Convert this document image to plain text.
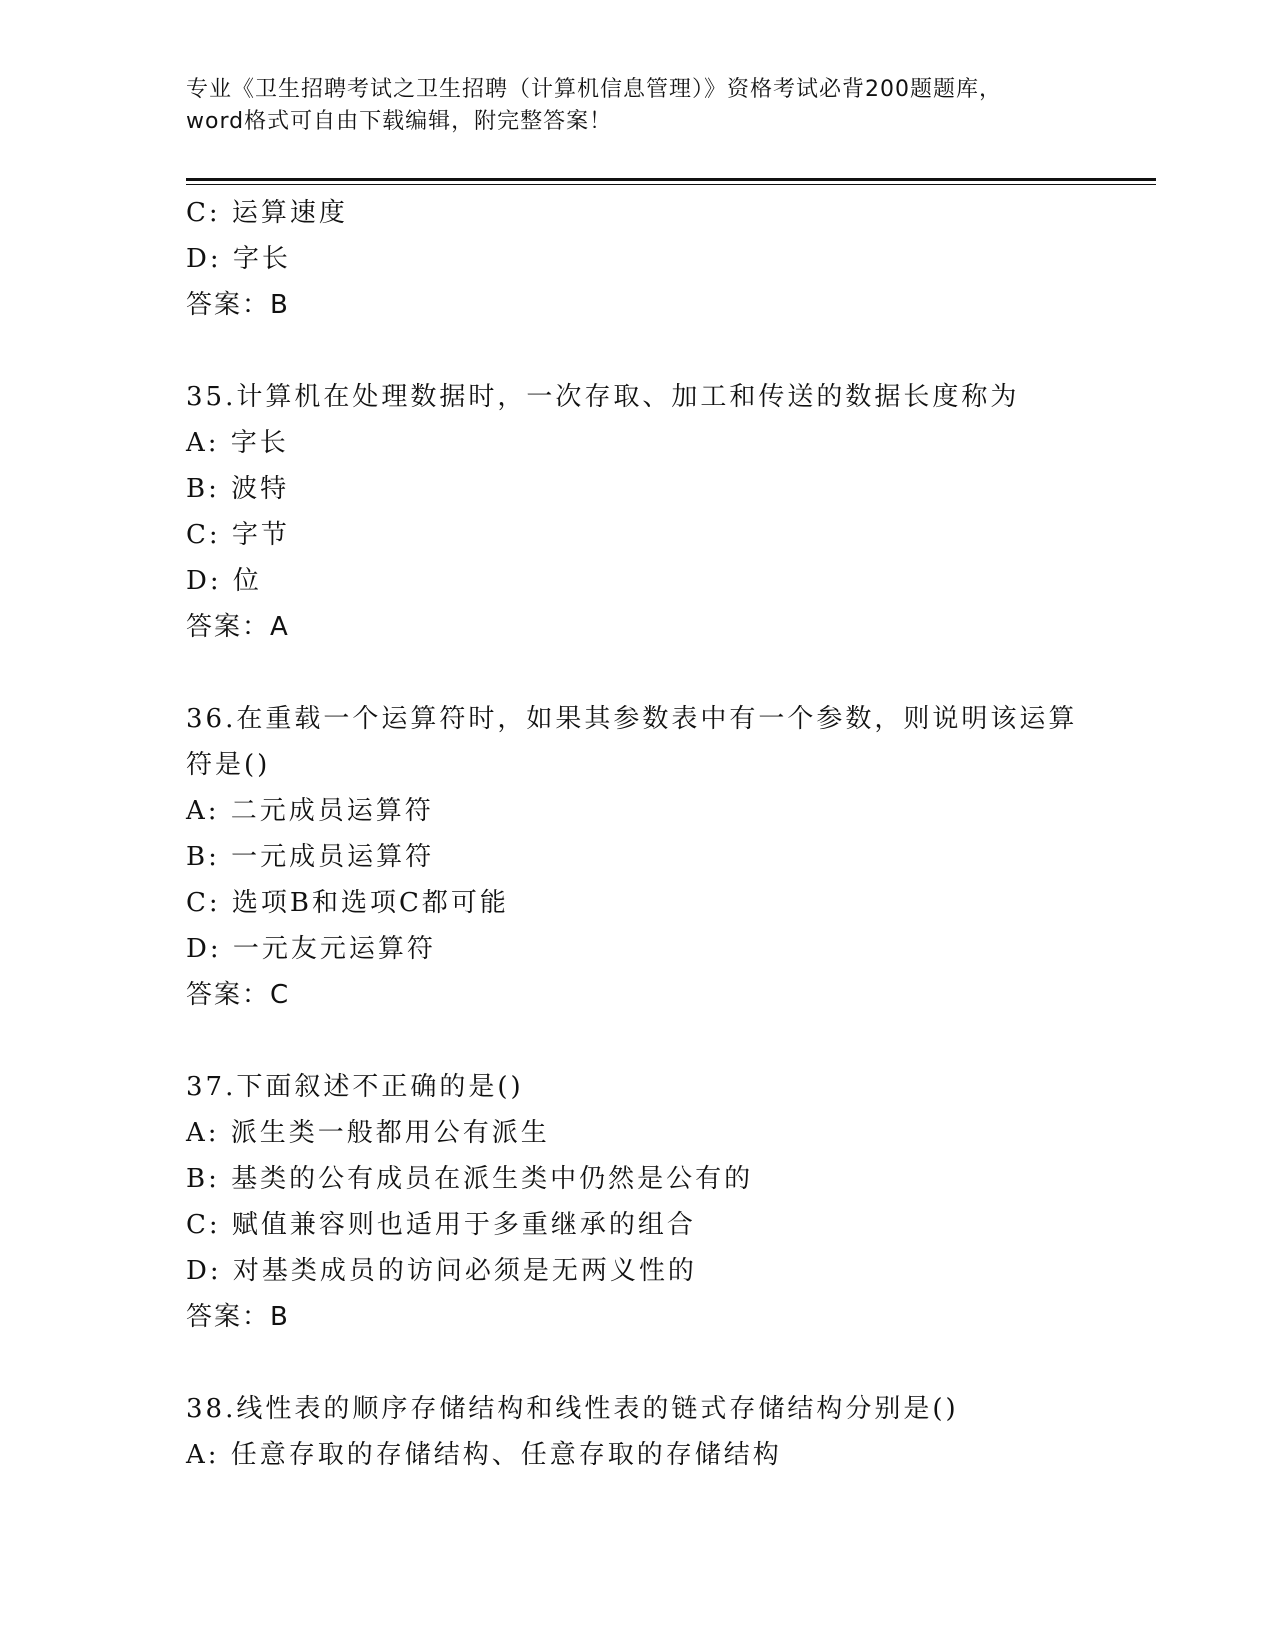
专业《卫生招聘考试之卫生招聘（计算机信息管理）》资格考试必背200题题库，
word格式可自由下载编辑，附完整答案！
C: 运算速度
D: 字长
答案：B
35.计算机在处理数据时，一次存取、加工和传送的数据长度称为
A: 字长
B: 波特
C: 字节
D: 位
答案：A
36.在重载一个运算符时，如果其参数表中有一个参数，则说明该运算
符是()
A: 二元成员运算符
B: 一元成员运算符
C: 选项B和选项C都可能
D: 一元友元运算符
答案：C
37.下面叙述不正确的是()
A: 派生类一般都用公有派生
B: 基类的公有成员在派生类中仍然是公有的
C: 赋值兼容则也适用于多重继承的组合
D: 对基类成员的访问必须是无两义性的
答案：B
38.线性表的顺序存储结构和线性表的链式存储结构分别是()
A: 任意存取的存储结构、任意存取的存储结构
